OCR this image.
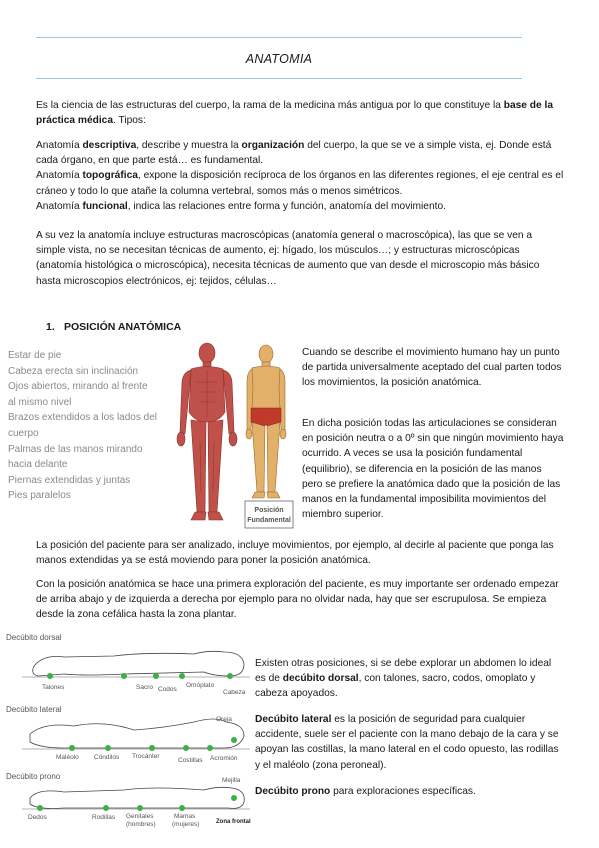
ANATOMIA
Es la ciencia de las estructuras del cuerpo, la rama de la medicina más antigua por lo que constituye la base de la práctica médica. Tipos:
Anatomía descriptiva, describe y muestra la organización del cuerpo, la que se ve a simple vista, ej. Donde está cada órgano, en que parte está… es fundamental.
Anatomía topográfica, expone la disposición recíproca de los órganos en las diferentes regiones, el eje central es el cráneo y todo lo que atañe la columna vertebral, somos más o menos simétricos.
Anatomía funcional, indica las relaciones entre forma y función, anatomía del movimiento.
A su vez la anatomía incluye estructuras macroscópicas (anatomía general o macroscópica), las que se ven a simple vista, no se necesitan técnicas de aumento, ej: hígado, los músculos…; y estructuras microscópicas (anatomía histológica o microscópica), necesita técnicas de aumento que van desde el microscopio más básico hasta microscopios electrónicos, ej: tejidos, células…
1. POSICIÓN ANATÓMICA
Estar de pie
Cabeza erecta sin inclinación
Ojos abiertos, mirando al frente al mismo nivel
Brazos extendidos a los lados del cuerpo
Palmas de las manos mirando hacia delante
Piernas extendidas y juntas
Pies paralelos
Posición
Fundamental
Cuando se describe el movimiento humano hay un punto de partida universalmente aceptado del cual parten todos los movimientos, la posición anatómica.
En dicha posición todas las articulaciones se consideran en posición neutra o a 0º sin que ningún movimiento haya ocurrido. A veces se usa la posición fundamental (equilibrio), se diferencia en la posición de las manos pero se prefiere la anatómica dado que la posición de las manos en la fundamental imposibilita movimientos del miembro superior.
La posición del paciente para ser analizado, incluye movimientos, por ejemplo, al decirle al paciente que ponga las manos extendidas ya se está moviendo para poner la posición anatómica.
Con la posición anatómica se hace una primera exploración del paciente, es muy importante ser ordenado empezar de arriba abajo y de izquierda a derecha por ejemplo para no olvidar nada, hay que ser escrupulosa. Se empieza desde la zona cefálica hasta la zona plantar.
Decúbito dorsal
Talones	Sacro Codos
Omóplato
Cabeza
Decúbito lateral
Maléolo Cóndilos Trocánter
Costillas Acromión
Oreja
Decúbito prono
Dedos	Rodillas Genitales
(hombres)
Mamas
(mujeres)
Mejilla
Zona frontal
Existen otras posiciones, si se debe explorar un abdomen lo ideal es de decúbito dorsal, con talones, sacro, codos, omoplato y cabeza apoyados.
Decúbito lateral es la posición de seguridad para cualquier accidente, suele ser el paciente con la mano debajo de la cara y se apoyan las costillas, la mano lateral en el codo opuesto, las rodillas y el maléolo (zona peroneal).
Decúbito prono para exploraciones específicas.
